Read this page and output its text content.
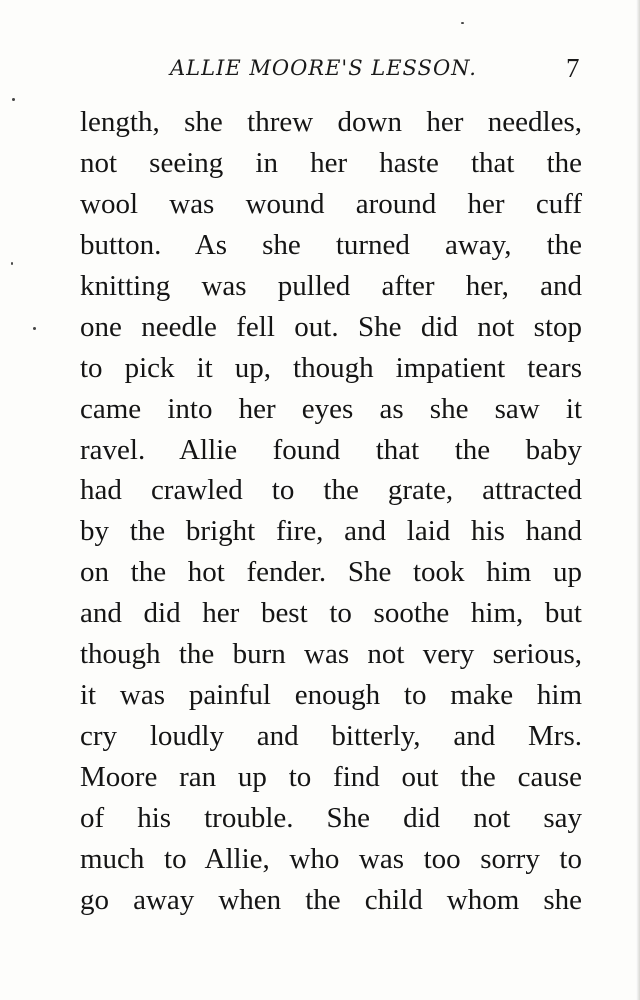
ALLIE MOORE'S LESSON.	7
length, she threw down her needles,
not seeing in her haste that the
wool was wound around her cuff
button. As she turned away, the
knitting was pulled after her, and
one needle fell out. She did not stop
to pick it up, though impatient tears
came into her eyes as she saw it
ravel. Allie found that the baby
had crawled to the grate, attracted
by the bright fire, and laid his hand
on the hot fender. She took him up
and did her best to soothe him, but
though the burn was not very serious,
it was painful enough to make him
cry loudly and bitterly, and Mrs.
Moore ran up to find out the cause
of his trouble. She did not say
much to Allie, who was too sorry to
go away when the child whom she
